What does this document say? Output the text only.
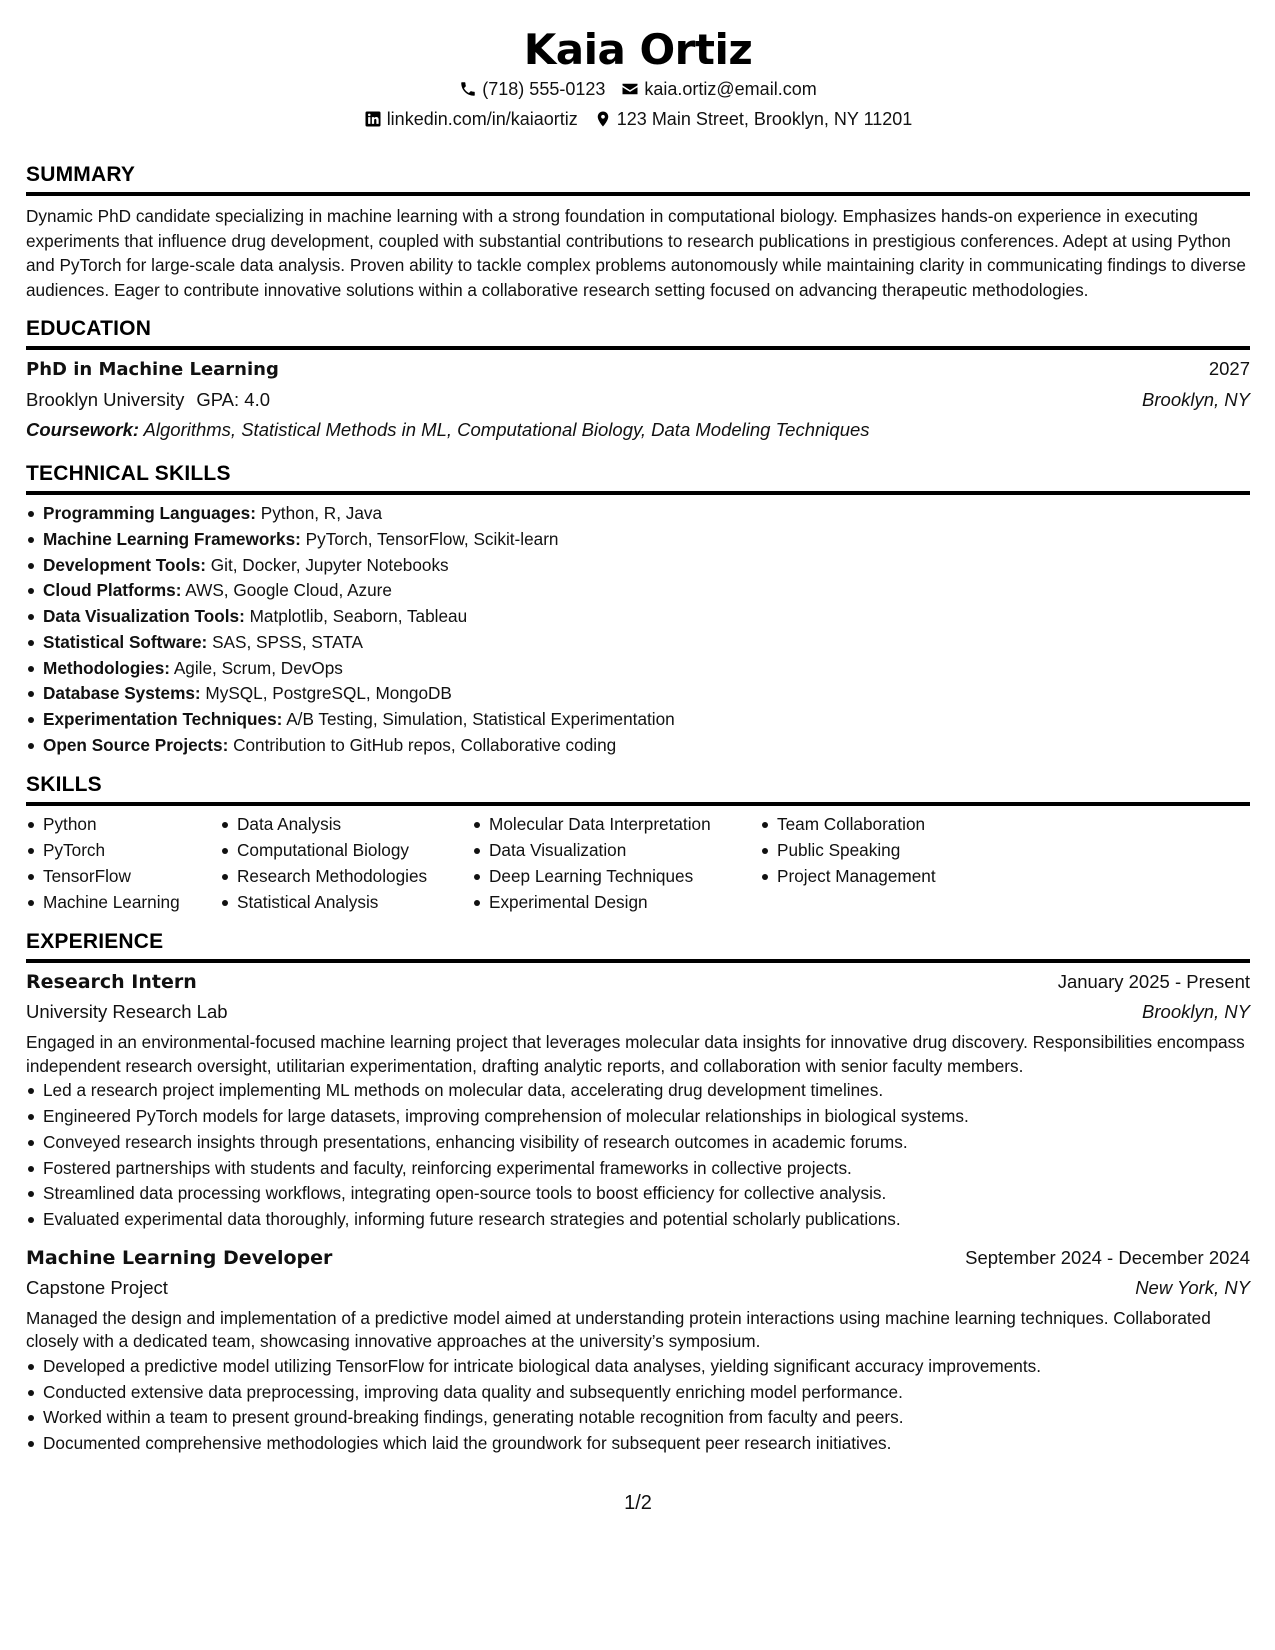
Kaia Ortiz
(718) 555-0123 kaia.ortiz@email.com
linkedin.com/in/kaiaortiz 123 Main Street, Brooklyn, NY 11201
SUMMARY
Dynamic PhD candidate specializing in machine learning with a strong foundation in computational biology. Emphasizes hands-on experience in executing experiments that influence drug development, coupled with substantial contributions to research publications in prestigious conferences. Adept at using Python and PyTorch for large-scale data analysis. Proven ability to tackle complex problems autonomously while maintaining clarity in communicating findings to diverse audiences. Eager to contribute innovative solutions within a collaborative research setting focused on advancing therapeutic methodologies.
EDUCATION
PhD in Machine Learning	2027
Brooklyn University GPA: 4.0	Brooklyn, NY
Coursework: Algorithms, Statistical Methods in ML, Computational Biology, Data Modeling Techniques
TECHNICAL SKILLS
Programming Languages: Python, R, Java
Machine Learning Frameworks: PyTorch, TensorFlow, Scikit-learn
Development Tools: Git, Docker, Jupyter Notebooks
Cloud Platforms: AWS, Google Cloud, Azure
Data Visualization Tools: Matplotlib, Seaborn, Tableau
Statistical Software: SAS, SPSS, STATA
Methodologies: Agile, Scrum, DevOps
Database Systems: MySQL, PostgreSQL, MongoDB
Experimentation Techniques: A/B Testing, Simulation, Statistical Experimentation
Open Source Projects: Contribution to GitHub repos, Collaborative coding
SKILLS
Python
PyTorch
TensorFlow
Machine Learning
Data Analysis
Computational Biology
Research Methodologies
Statistical Analysis
Molecular Data Interpretation
Data Visualization
Deep Learning Techniques
Experimental Design
Team Collaboration
Public Speaking
Project Management
EXPERIENCE
Research Intern	January 2025 - Present
University Research Lab	Brooklyn, NY
Engaged in an environmental-focused machine learning project that leverages molecular data insights for innovative drug discovery. Responsibilities encompass independent research oversight, utilitarian experimentation, drafting analytic reports, and collaboration with senior faculty members.
Led a research project implementing ML methods on molecular data, accelerating drug development timelines.
Engineered PyTorch models for large datasets, improving comprehension of molecular relationships in biological systems.
Conveyed research insights through presentations, enhancing visibility of research outcomes in academic forums.
Fostered partnerships with students and faculty, reinforcing experimental frameworks in collective projects.
Streamlined data processing workflows, integrating open-source tools to boost efficiency for collective analysis.
Evaluated experimental data thoroughly, informing future research strategies and potential scholarly publications.
Machine Learning Developer	September 2024 - December 2024
Capstone Project	New York, NY
Managed the design and implementation of a predictive model aimed at understanding protein interactions using machine learning techniques. Collaborated closely with a dedicated team, showcasing innovative approaches at the university’s symposium.
Developed a predictive model utilizing TensorFlow for intricate biological data analyses, yielding significant accuracy improvements.
Conducted extensive data preprocessing, improving data quality and subsequently enriching model performance.
Worked within a team to present ground-breaking findings, generating notable recognition from faculty and peers.
Documented comprehensive methodologies which laid the groundwork for subsequent peer research initiatives.
1/2
